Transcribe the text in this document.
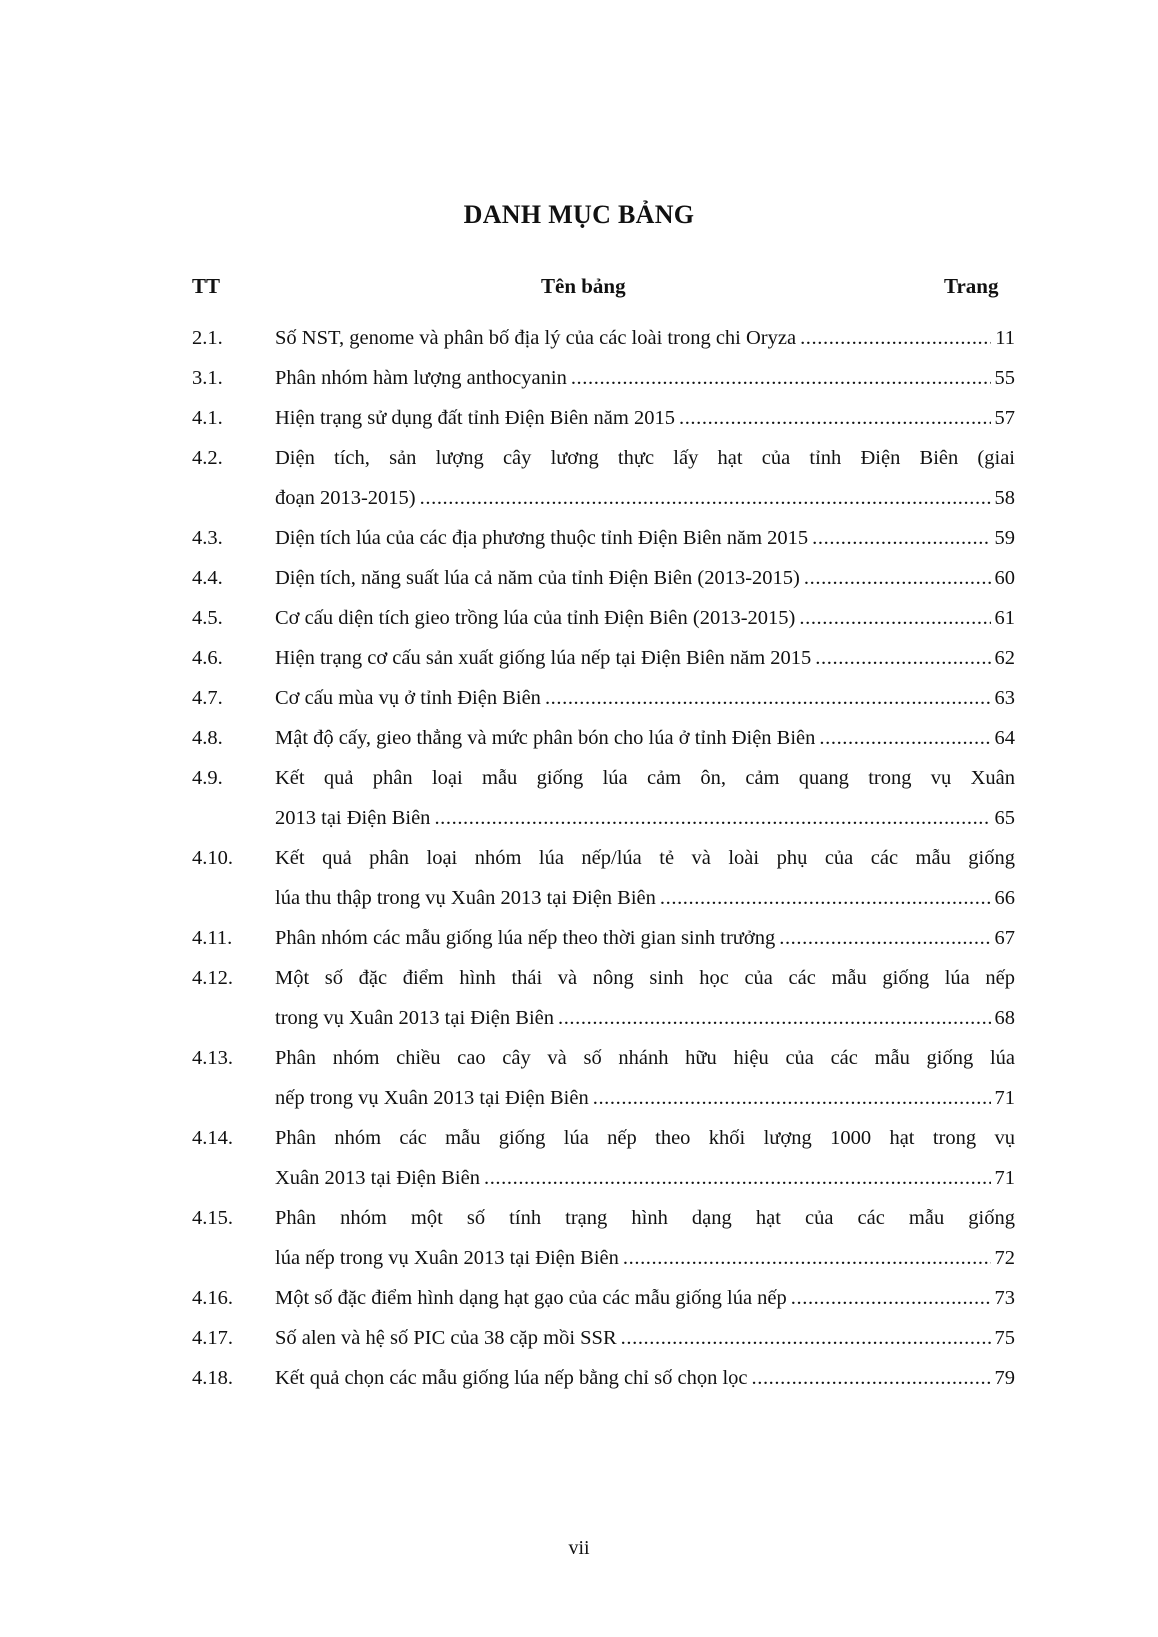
DANH MỤC BẢNG
TT	Tên bảng	Trang
2.1.	Số NST, genome và phân bố địa lý của các loài trong chi Oryza .....	11
3.1.	Phân nhóm hàm lượng anthocyanin .....	55
4.1.	Hiện trạng sử dụng đất tỉnh Điện Biên năm 2015 .....	57
4.2.	Diện tích, sản lượng cây lương thực lấy hạt của tỉnh Điện Biên (giai
đoạn 2013-2015) .....	58
4.3.	Diện tích lúa của các địa phương thuộc tỉnh Điện Biên năm 2015 .....	59
4.4.	Diện tích, năng suất lúa cả năm của tỉnh Điện Biên (2013-2015) .....	60
4.5.	Cơ cấu diện tích gieo trồng lúa của tỉnh Điện Biên (2013-2015) .....	61
4.6.	Hiện trạng cơ cấu sản xuất giống lúa nếp tại Điện Biên năm 2015 .....	62
4.7.	Cơ cấu mùa vụ ở tỉnh Điện Biên .....	63
4.8.	Mật độ cấy, gieo thẳng và mức phân bón cho lúa ở tỉnh Điện Biên .....	64
4.9.	Kết quả phân loại mẫu giống lúa cảm ôn, cảm quang trong vụ Xuân
2013 tại Điện Biên .....	65
4.10.	Kết quả phân loại nhóm lúa nếp/lúa tẻ và loài phụ của các mẫu giống
lúa thu thập trong vụ Xuân 2013 tại Điện Biên .....	66
4.11.	Phân nhóm các mẫu giống lúa nếp theo thời gian sinh trưởng .....	67
4.12.	Một số đặc điểm hình thái và nông sinh học của các mẫu giống lúa nếp
trong vụ Xuân 2013 tại Điện Biên .....	68
4.13.	Phân nhóm chiều cao cây và số nhánh hữu hiệu của các mẫu giống lúa
nếp trong vụ Xuân 2013 tại Điện Biên .....	71
4.14.	Phân nhóm các mẫu giống lúa nếp theo khối lượng 1000 hạt trong vụ
Xuân 2013 tại Điện Biên .....	71
4.15.	Phân nhóm một số tính trạng hình dạng hạt của các mẫu giống
lúa nếp trong vụ Xuân 2013 tại Điện Biên .....	72
4.16.	Một số đặc điểm hình dạng hạt gạo của các mẫu giống lúa nếp .....	73
4.17.	Số alen và hệ số PIC của 38 cặp mồi SSR .....	75
4.18.	Kết quả chọn các mẫu giống lúa nếp bằng chỉ số chọn lọc .....	79
vii
